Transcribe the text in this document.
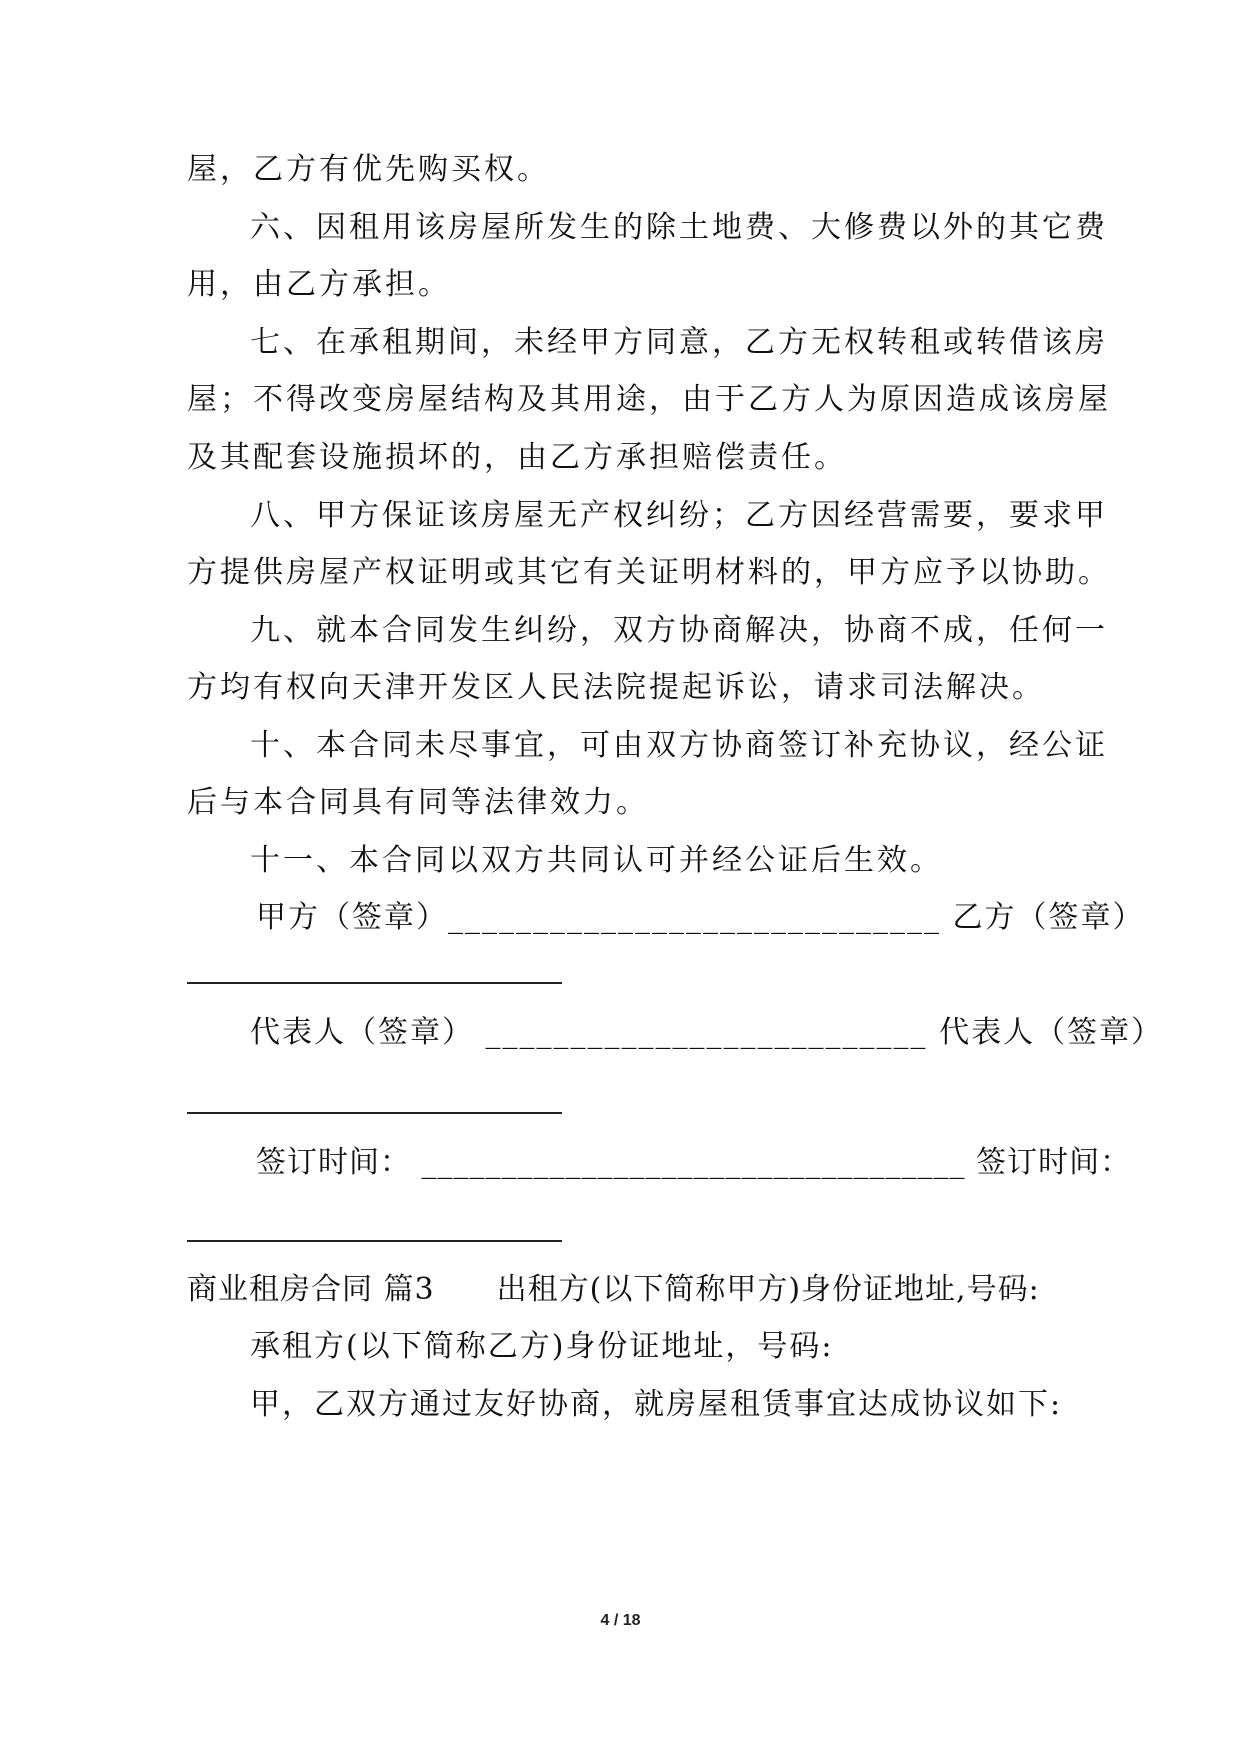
屋，乙方有优先购买权。
六、因租用该房屋所发生的除土地费、大修费以外的其它费
用，由乙方承担。
七、在承租期间，未经甲方同意，乙方无权转租或转借该房
屋；不得改变房屋结构及其用途，由于乙方人为原因造成该房屋
及其配套设施损坏的，由乙方承担赔偿责任。
八、甲方保证该房屋无产权纠纷；乙方因经营需要，要求甲
方提供房屋产权证明或其它有关证明材料的，甲方应予以协助。
九、就本合同发生纠纷，双方协商解决，协商不成，任何一
方均有权向天津开发区人民法院提起诉讼，请求司法解决。
十、本合同未尽事宜，可由双方协商签订补充协议，经公证
后与本合同具有同等法律效力。
十一、本合同以双方共同认可并经公证后生效。
甲方（签章）_____________________________ 乙方（签章）
代表人（签章） __________________________ 代表人（签章）
签订时间： __________________________________ 签订时间：
商业租房合同 篇3　　出租方(以下简称甲方)身份证地址,号码:
承租方(以下简称乙方)身份证地址，号码:
甲，乙双方通过友好协商，就房屋租赁事宜达成协议如下:
4 / 18
